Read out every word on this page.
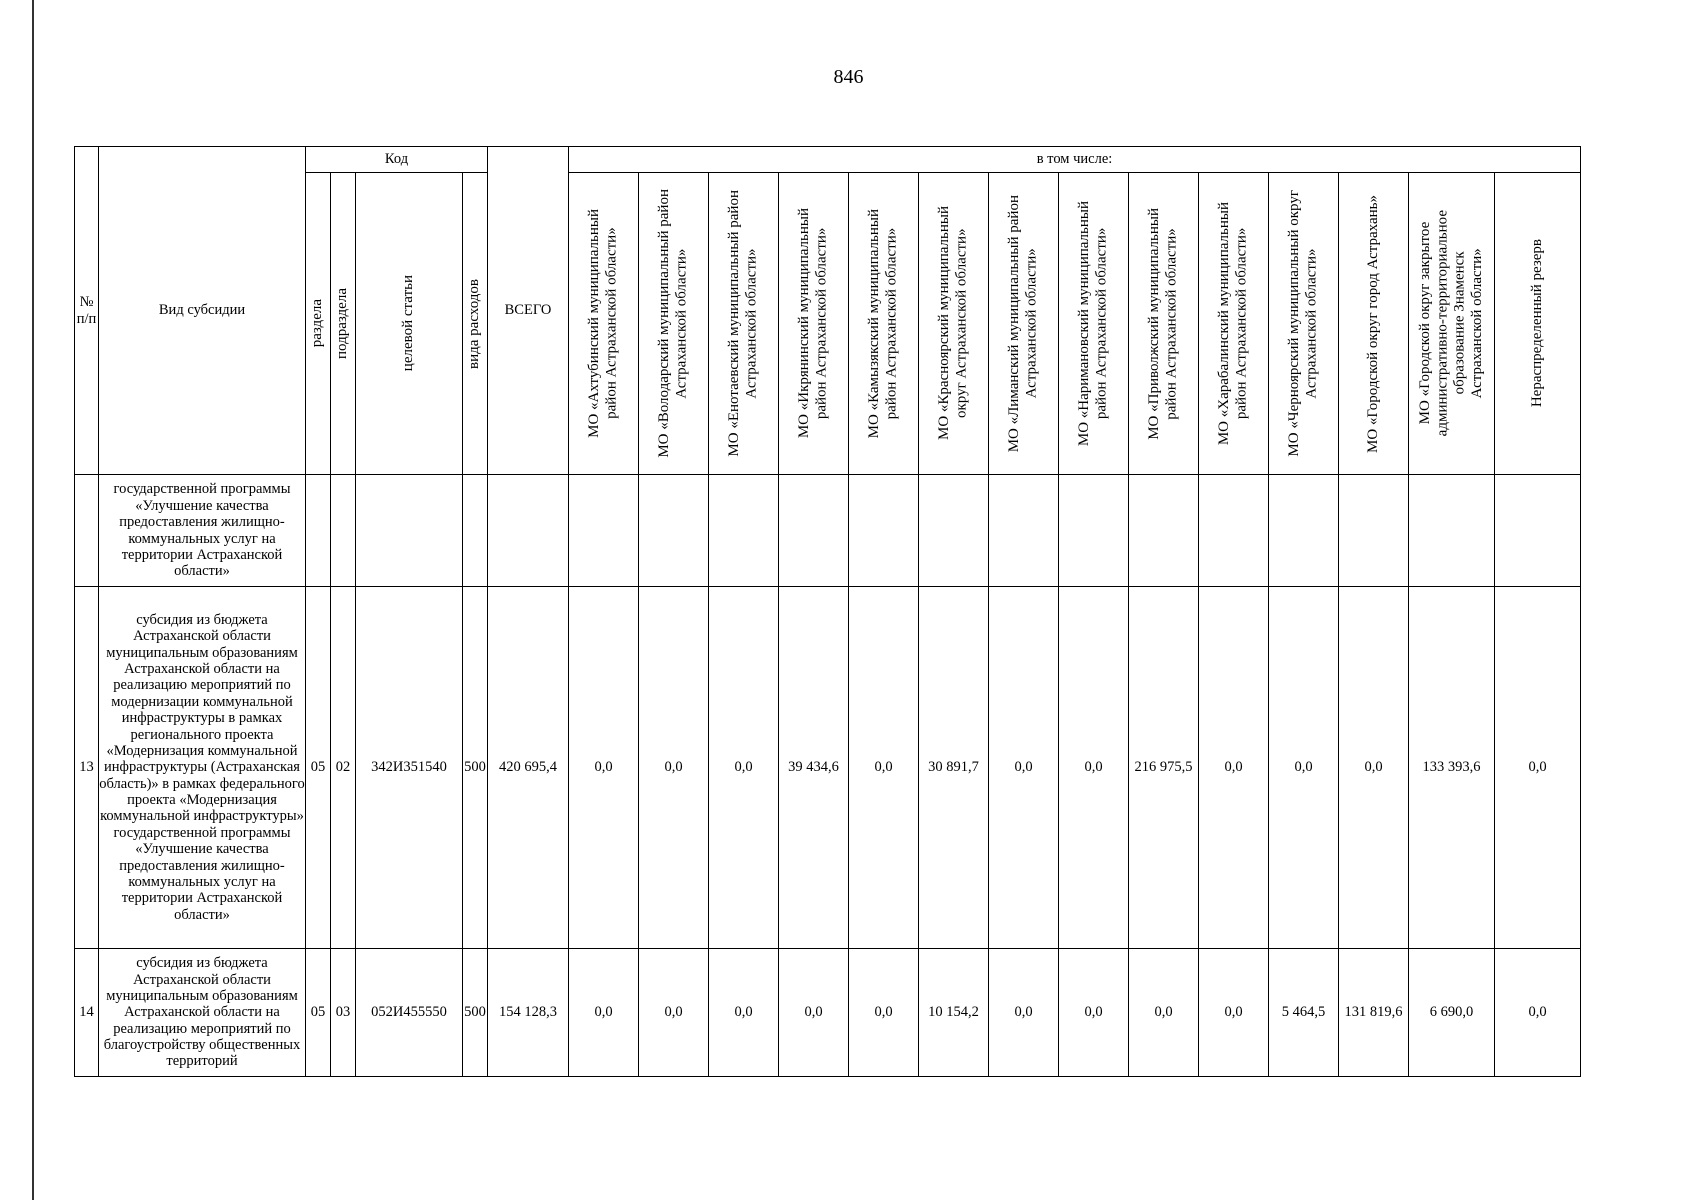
846
№
п/п	Вид субсидии	Код				ВСЕГО	в том числе:													

		раздела	подраздела	целевой статьи	вида расходов		МО «Ахтубинский муниципальный район Астраханской области»	МО «Володарский муниципальный район Астраханской области»	МО «Енотаевский муниципальный район Астраханской области»	МО «Икрянинский муниципальный район Астраханской области»	МО «Камызякский муниципальный район Астраханской области»	МО «Красноярский муниципальный округ Астраханской области»	МО «Лиманский муниципальный район Астраханской области»	МО «Наримановский муниципальный район Астраханской области»	МО «Приволжский муниципальный район Астраханской области»	МО «Харабалинский муниципальный район Астраханской области»	МО «Черноярский муниципальный округ Астраханской области»	МО «Городской округ город Астрахань»	МО «Городской округ закрытое административно-территориальное образование Знаменск Астраханской области»	Нераспределенный резерв

	государственной программы «Улучшение качества предоставления жилищно-коммунальных услуг на территории Астраханской области»																			
13	субсидия из бюджета Астраханской области муниципальным образованиям Астраханской области на реализацию мероприятий по модернизации коммунальной инфраструктуры в рамках регионального проекта «Модернизация коммунальной инфраструктуры (Астраханская область)» в рамках федерального проекта «Модернизация коммунальной инфраструктуры» государственной программы «Улучшение качества предоставления жилищно-коммунальных услуг на территории Астраханской области»	05	02	342И351540	500	420 695,4	0,0	0,0	0,0	39 434,6	0,0	30 891,7	0,0	0,0	216 975,5	0,0	0,0	0,0	133 393,6	0,0
14	субсидия из бюджета Астраханской области муниципальным образованиям Астраханской области на реализацию мероприятий по благоустройству общественных территорий	05	03	052И455550	500	154 128,3	0,0	0,0	0,0	0,0	0,0	10 154,2	0,0	0,0	0,0	0,0	5 464,5	131 819,6	6 690,0	0,0
